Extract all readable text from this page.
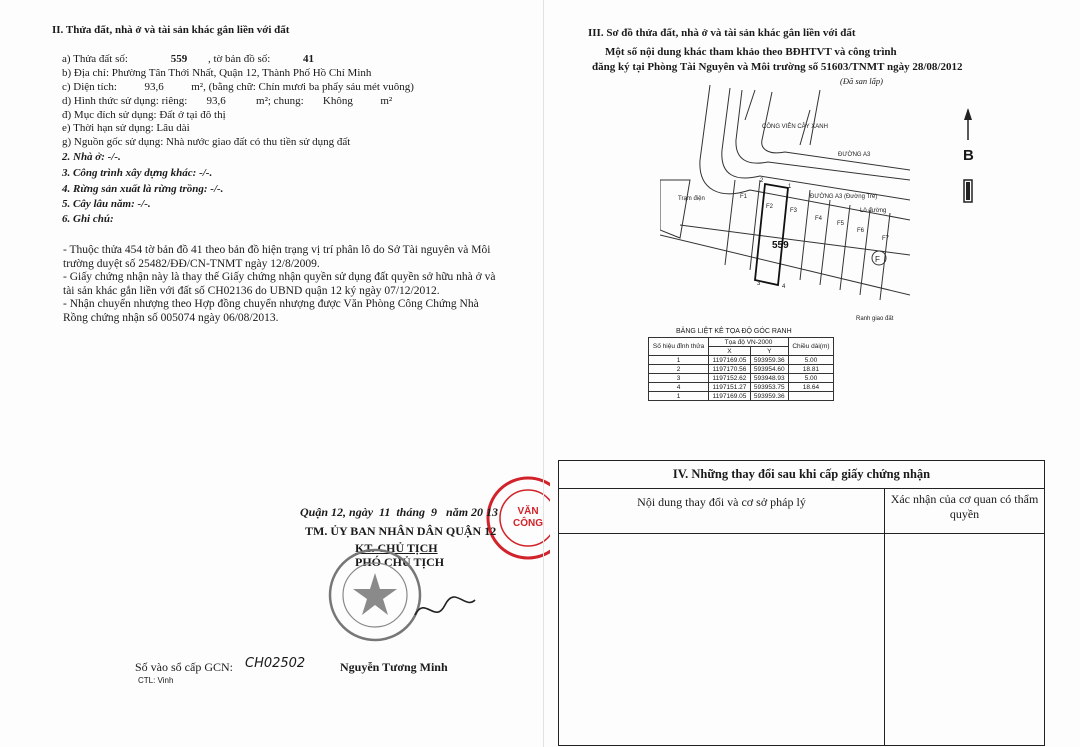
II. Thửa đất, nhà ở và tài sản khác gắn liền với đất
a) Thửa đất số:	559 , tờ bản đồ số:	41
b) Địa chỉ: Phường Tân Thới Nhất, Quận 12, Thành Phố Hồ Chí Minh
c) Diện tích:          93,6          m², (bằng chữ: Chín mươi ba phẩy sáu mét vuông)
d) Hình thức sử dụng: riêng:       93,6           m²; chung:       Không          m²
đ) Mục đích sử dụng: Đất ở tại đô thị
e) Thời hạn sử dụng: Lâu dài
g) Nguồn gốc sử dụng: Nhà nước giao đất có thu tiền sử dụng đất
2. Nhà ở: -/-.
3. Công trình xây dựng khác: -/-.
4. Rừng sản xuất là rừng trồng: -/-.
5. Cây lâu năm: -/-.
6. Ghi chú:
- Thuộc thửa 454 tờ bản đồ 41 theo bản đồ hiện trạng vị trí phân lô do Sở Tài nguyên và Môi trường duyệt số 25482/ĐĐ/CN-TNMT ngày 12/8/2009.
- Giấy chứng nhận này là thay thế Giấy chứng nhận quyền sử dụng đất quyền sở hữu nhà ở và tài sản khác gắn liền với đất số CH02136 do UBND quận 12 ký ngày 07/12/2012.
- Nhận chuyển nhượng theo Hợp đồng chuyển nhượng được Văn Phòng Công Chứng Nhà Rồng chứng nhận số 005074 ngày 06/08/2013.
VĂN
CÔNG
Quận 12, ngày  11  tháng  9   năm 20 13
TM. ỦY BAN NHÂN DÂN QUẬN 12
KT. CHỦ TỊCH
PHÓ CHỦ TỊCH
Nguyễn Tương Minh
Số vào sổ cấp GCN: CH02502
CTL: Vinh
III. Sơ đồ thửa đất, nhà ở và tài sản khác gắn liền với đất
Một số nội dung khác tham khảo theo BĐHTVT và công trình
đăng ký tại Phòng Tài Nguyên và Môi trường số 51603/TNMT ngày 28/08/2012
(Đã san lấp)
CÔNG VIÊN CÂY XANH
ĐƯỜNG A3
ĐƯỜNG A3 (Đường Tre)
Lô đường
Trạm điện	F1
F2
F3
F4
F5
F6
F7
Ranh giao đất
1
2
3	4
559
F
B
BẢNG LIỆT KÊ TỌA ĐỘ GÓC RANH
Số hiệu đỉnh thửa	Tọa độ VN-2000		Chiều dài(m)
	X	Y	
1	1197169.05	593959.36	5.00
2	1197170.56	593954.60	18.81
3	1197152.62	593948.93	5.00
4	1197151.27	593953.75	18.64
1	1197169.05	593959.36	
IV. Những thay đổi sau khi cấp giấy chứng nhận
Nội dung thay đổi và cơ sở pháp lý	Xác nhận của cơ quan có thẩm quyền
